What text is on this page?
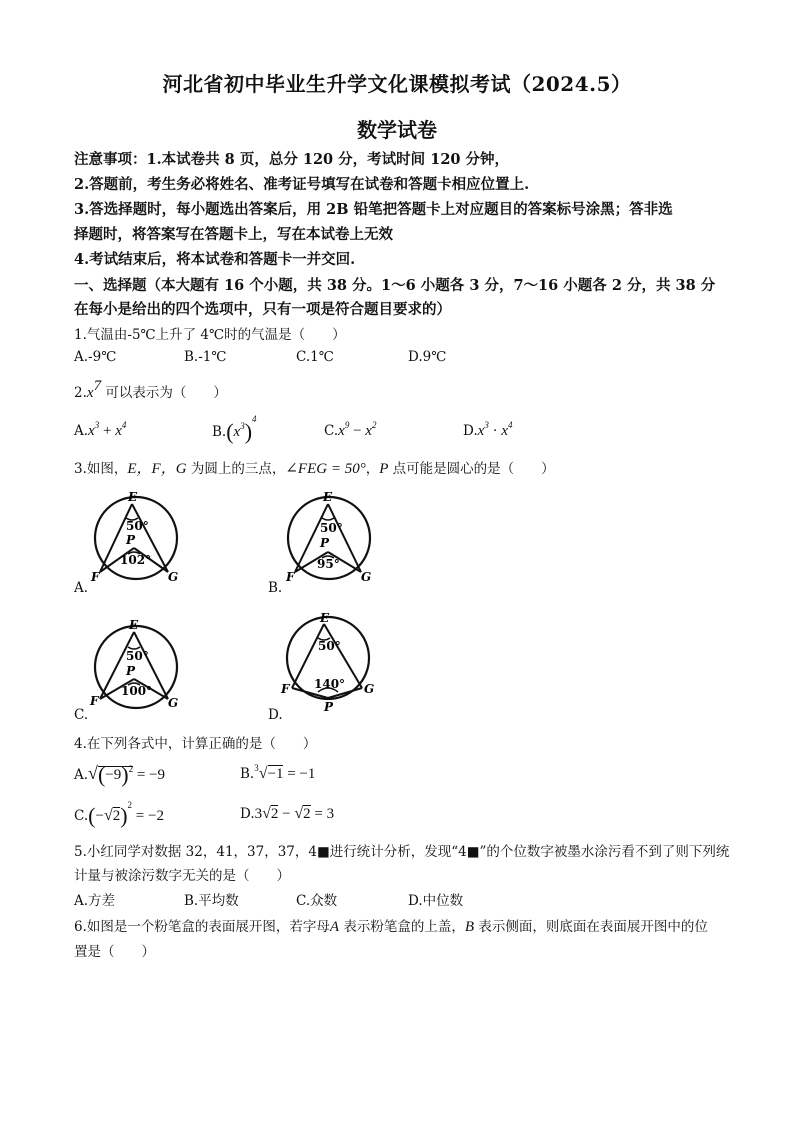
河北省初中毕业生升学文化课模拟考试（2024.5）
数学试卷
注意事项：1.本试卷共 8 页，总分 120 分，考试时间 120 分钟，
2.答题前，考生务必将姓名、准考证号填写在试卷和答题卡相应位置上.
3.答选择题时，每小题选出答案后，用 2B 铅笔把答题卡上对应题目的答案标号涂黑；答非选
择题时，将答案写在答题卡上，写在本试卷上无效
4.考试结束后，将本试卷和答题卡一并交回.
一、选择题（本大题有 16 个小题，共 38 分。1～6 小题各 3 分，7～16 小题各 2 分，共 38 分
在每小是给出的四个选项中，只有一项是符合题目要求的）
1.气温由-5℃上升了 4℃时的气温是（　　）
A.-9℃	B.-1℃	C.1℃	D.9℃
$2.x^7$ 可以表示为（　　）
$A.x^3 + x^4$	$B.(x^3)^4$
$C.x^9 - x^2$	$D.x^3 \cdot x^4$
3.如图，E，F，G 为圆上的三点，∠FEG = 50°，P 点可能是圆心的是（　　）
E
50°
P
102°
F	G
A.
E
50°
P
95°
F	G
B.
E
50°
P
100°
F	G
C.
E
50°
140°
F	G
P
D.
4.在下列各式中，计算正确的是（　　）
$A.√(-9)^2 = -9$	B.$^3$√−1 = −1
$C.(-√2)^2 = -2$	D.3√2 − √2 = 3
5.小红同学对数据 32，41，37，37，4■进行统计分析，发现“4■”的个位数字被墨水涂污看不到了则下列统
计量与被涂污数字无关的是（　　）
A.方差	B.平均数	C.众数	D.中位数
6.如图是一个粉笔盒的表面展开图，若字母A 表示粉笔盒的上盖，B 表示侧面，则底面在表面展开图中的位
置是（　　）
